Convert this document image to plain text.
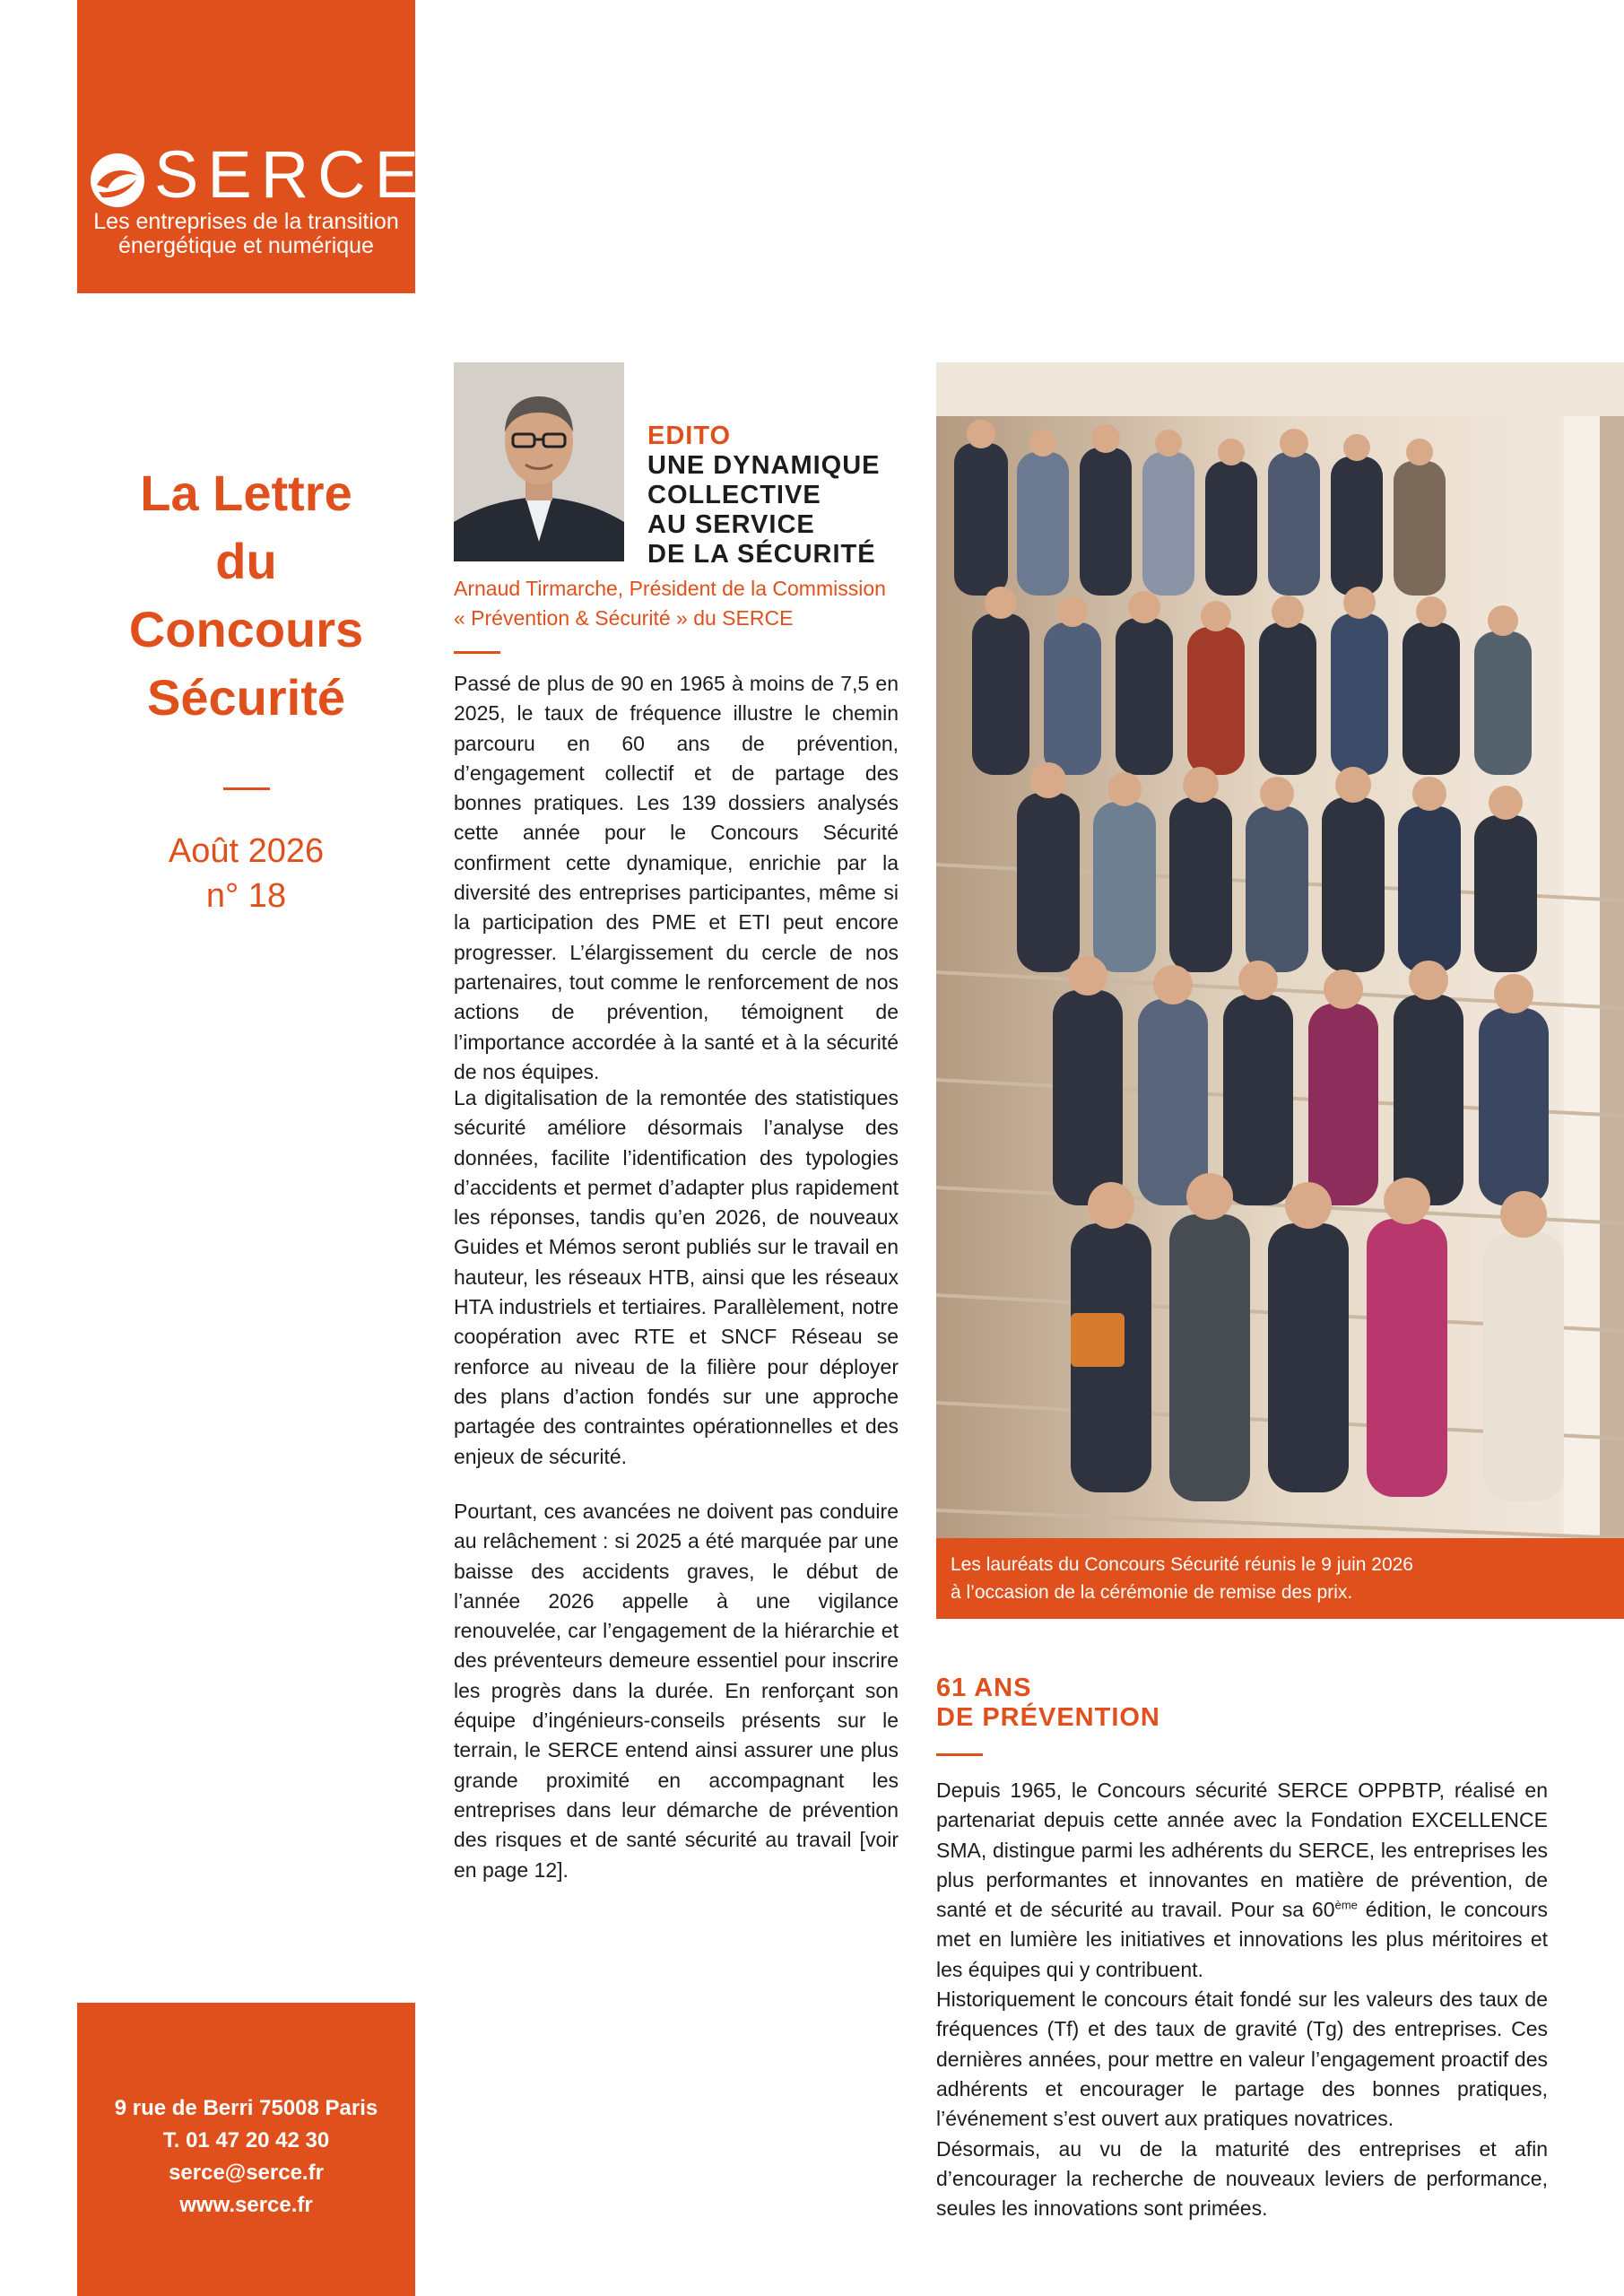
SERCE
Les entreprises de la transition
énergétique et numérique
La Lettre
du
Concours
Sécurité
Août 2026
n° 18
9 rue de Berri 75008 Paris
T. 01 47 20 42 30
serce@serce.fr
www.serce.fr
EDITO
UNE DYNAMIQUE
COLLECTIVE
AU SERVICE
DE LA SÉCURITÉ
Arnaud Tirmarche, Président de la Commission
« Prévention & Sécurité » du SERCE

Passé de plus de 90 en 1965 à moins de 7,5 en 2025, le taux de fréquence illustre le chemin parcouru en 60 ans de prévention, d’engagement collectif et de partage des bonnes pratiques. Les 139 dossiers analysés cette année pour le Concours Sécurité confirment cette dynamique, enrichie par la diversité des entreprises participantes, même si la participation des PME et ETI peut encore progresser. L’élargissement du cercle de nos partenaires, tout comme le renforcement de nos actions de prévention, témoignent de l’importance accordée à la santé et à la sécurité de nos équipes.

La digitalisation de la remontée des statistiques sécurité améliore désormais l’analyse des données, facilite l’identification des typologies d’accidents et permet d’adapter plus rapidement les réponses, tandis qu’en 2026, de nouveaux Guides et Mémos seront publiés sur le travail en hauteur, les réseaux HTB, ainsi que les réseaux HTA industriels et tertiaires. Parallèlement, notre coopération avec RTE et SNCF Réseau se renforce au niveau de la filière pour déployer des plans d’action fondés sur une approche partagée des contraintes opérationnelles et des enjeux de sécurité.

Pourtant, ces avancées ne doivent pas conduire au relâchement : si 2025 a été marquée par une baisse des accidents graves, le début de l’année 2026 appelle à une vigilance renouvelée, car l’engagement de la hiérarchie et des préventeurs demeure essentiel pour inscrire les progrès dans la durée. En renforçant son équipe d’ingénieurs-conseils présents sur le terrain, le SERCE entend ainsi assurer une plus grande proximité en accompagnant les entreprises dans leur démarche de prévention des risques et de santé sécurité au travail [voir en page 12].

Les lauréats du Concours Sécurité réunis le 9 juin 2026
à l’occasion de la cérémonie de remise des prix.
61 ANS
DE PRÉVENTION

Depuis 1965, le Concours sécurité SERCE OPPBTP, réalisé en partenariat depuis cette année avec la Fondation EXCELLENCE SMA, distingue parmi les adhérents du SERCE, les entreprises les plus performantes et innovantes en matière de prévention, de santé et de sécurité au travail. Pour sa 60ème édition, le concours met en lumière les initiatives et innovations les plus méritoires et les équipes qui y contribuent.

Historiquement le concours était fondé sur les valeurs des taux de fréquences (Tf) et des taux de gravité (Tg) des entreprises. Ces dernières années, pour mettre en valeur l’engagement proactif des adhérents et encourager le partage des bonnes pratiques, l’événement s’est ouvert aux pratiques novatrices.

Désormais, au vu de la maturité des entreprises et afin d’encourager la recherche de nouveaux leviers de performance, seules les innovations sont primées.
